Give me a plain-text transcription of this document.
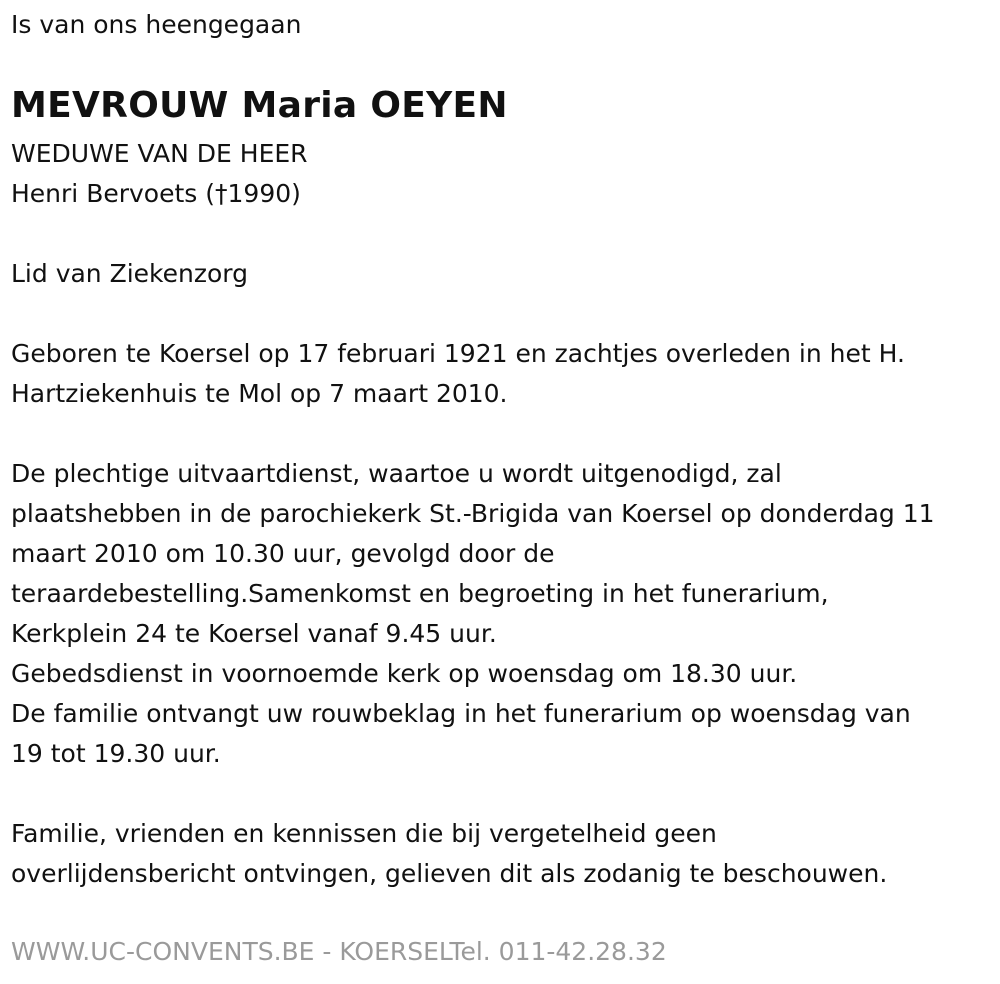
Is van ons heengegaan

MEVROUW Maria OEYEN

WEDUWE VAN DE HEER

Henri Bervoets (†1990)

Lid van Ziekenzorg

Geboren te Koersel op 17 februari 1921 en zachtjes overleden in het H.

Hartziekenhuis te Mol op 7 maart 2010.

De plechtige uitvaartdienst, waartoe u wordt uitgenodigd, zal

plaatshebben in de parochiekerk St.-Brigida van Koersel op donderdag 11

maart 2010 om 10.30 uur, gevolgd door de

teraardebestelling.Samenkomst en begroeting in het funerarium,

Kerkplein 24 te Koersel vanaf 9.45 uur.

Gebedsdienst in voornoemde kerk op woensdag om 18.30 uur.

De familie ontvangt uw rouwbeklag in het funerarium op woensdag van

19 tot 19.30 uur.

Familie, vrienden en kennissen die bij vergetelheid geen

overlijdensbericht ontvingen, gelieven dit als zodanig te beschouwen.

WWW.UC-CONVENTS.BE - KOERSELTel. 011-42.28.32
